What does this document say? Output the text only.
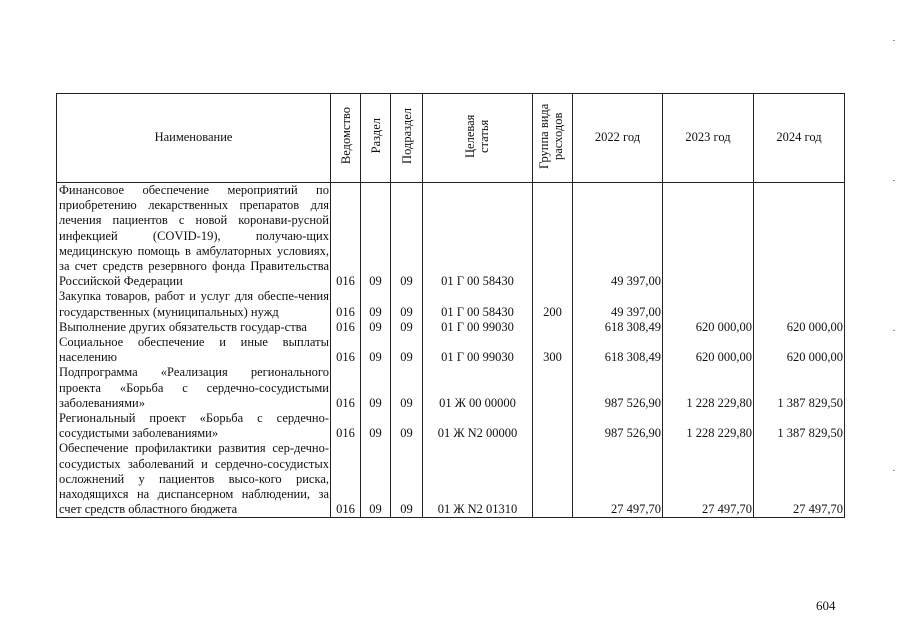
Наименование	Ведомство	Раздел	Подраздел	Целевая статья	Группа вида расходов	2022 год	2023 год	2024 год

Финансовое обеспечение мероприятий по приобретению лекарственных препаратов для лечения пациентов с новой коронави-русной инфекцией (COVID-19), получаю-щих медицинскую помощь в амбулаторных условиях, за счет средств резервного фонда Правительства Российской Федерации	016	09	09	01 Г 00 58430		49 397,00		

Закупка товаров, работ и услуг для обеспе-чения государственных (муниципальных) нужд	016	09	09	01 Г 00 58430	200	49 397,00		

Выполнение других обязательств государ-ства	016	09	09	01 Г 00 99030		618 308,49	620 000,00	620 000,00

Социальное обеспечение и иные выплаты населению	016	09	09	01 Г 00 99030	300	618 308,49	620 000,00	620 000,00

Подпрограмма «Реализация регионального проекта «Борьба с сердечно-сосудистыми заболеваниями»	016	09	09	01 Ж 00 00000		987 526,90	1 228 229,80	1 387 829,50

Региональный проект «Борьба с сердечно-сосудистыми заболеваниями»	016	09	09	01 Ж N2 00000		987 526,90	1 228 229,80	1 387 829,50

Обеспечение профилактики развития сер-дечно-сосудистых заболеваний и сердечно-сосудистых осложнений у пациентов высо-кого риска, находящихся на диспансерном наблюдении, за счет средств областного бюджета	016	09	09	01 Ж N2 01310		27 497,70	27 497,70	27 497,70
604
